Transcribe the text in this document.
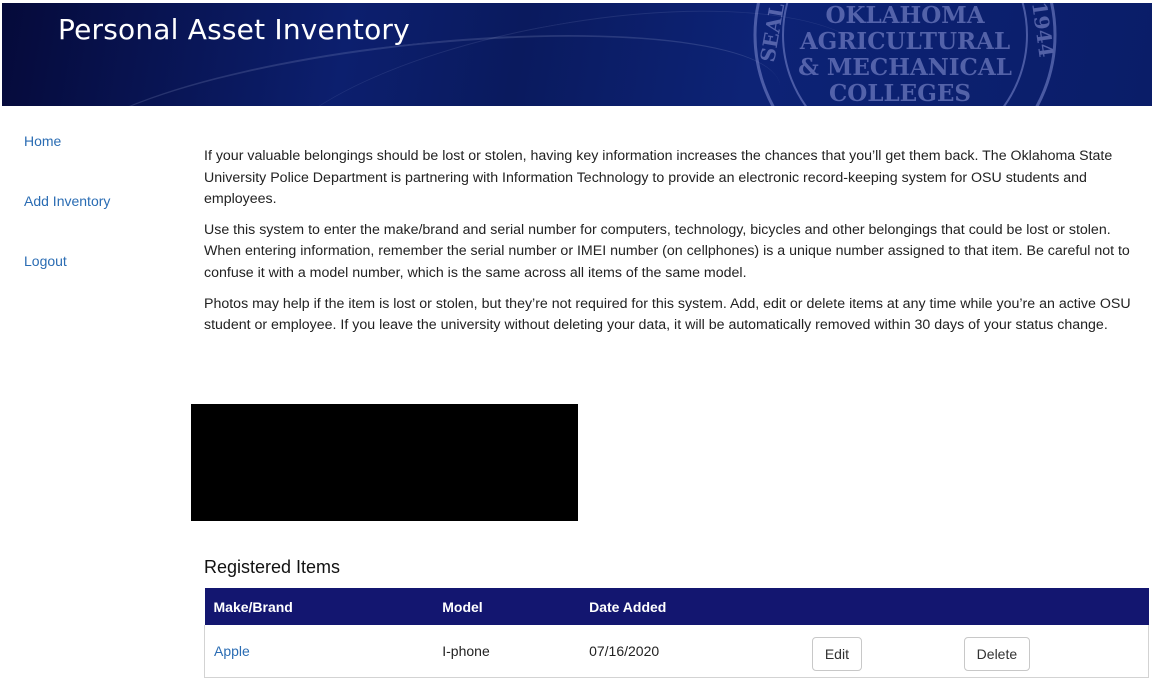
OKLAHOMA
AGRICULTURAL
& MECHANICAL
COLLEGES
SEAL	1944
Personal Asset Inventory
Home
Add Inventory
Logout

If your valuable belongings should be lost or stolen, having key information increases the chances that you’ll get them back. The Oklahoma State University Police Department is partnering with Information Technology to provide an electronic record-keeping system for OSU students and employees.

Use this system to enter the make/brand and serial number for computers, technology, bicycles and other belongings that could be lost or stolen. When entering information, remember the serial number or IMEI number (on cellphones) is a unique number assigned to that item. Be careful not to confuse it with a model number, which is the same across all items of the same model.

Photos may help if the item is lost or stolen, but they’re not required for this system. Add, edit or delete items at any time while you’re an active OSU student or employee. If you leave the university without deleting your data, it will be automatically removed within 30 days of your status change.

Registered Items
Make/Brand	Model	Date Added		
Apple	I-phone	07/16/2020	Edit	Delete
